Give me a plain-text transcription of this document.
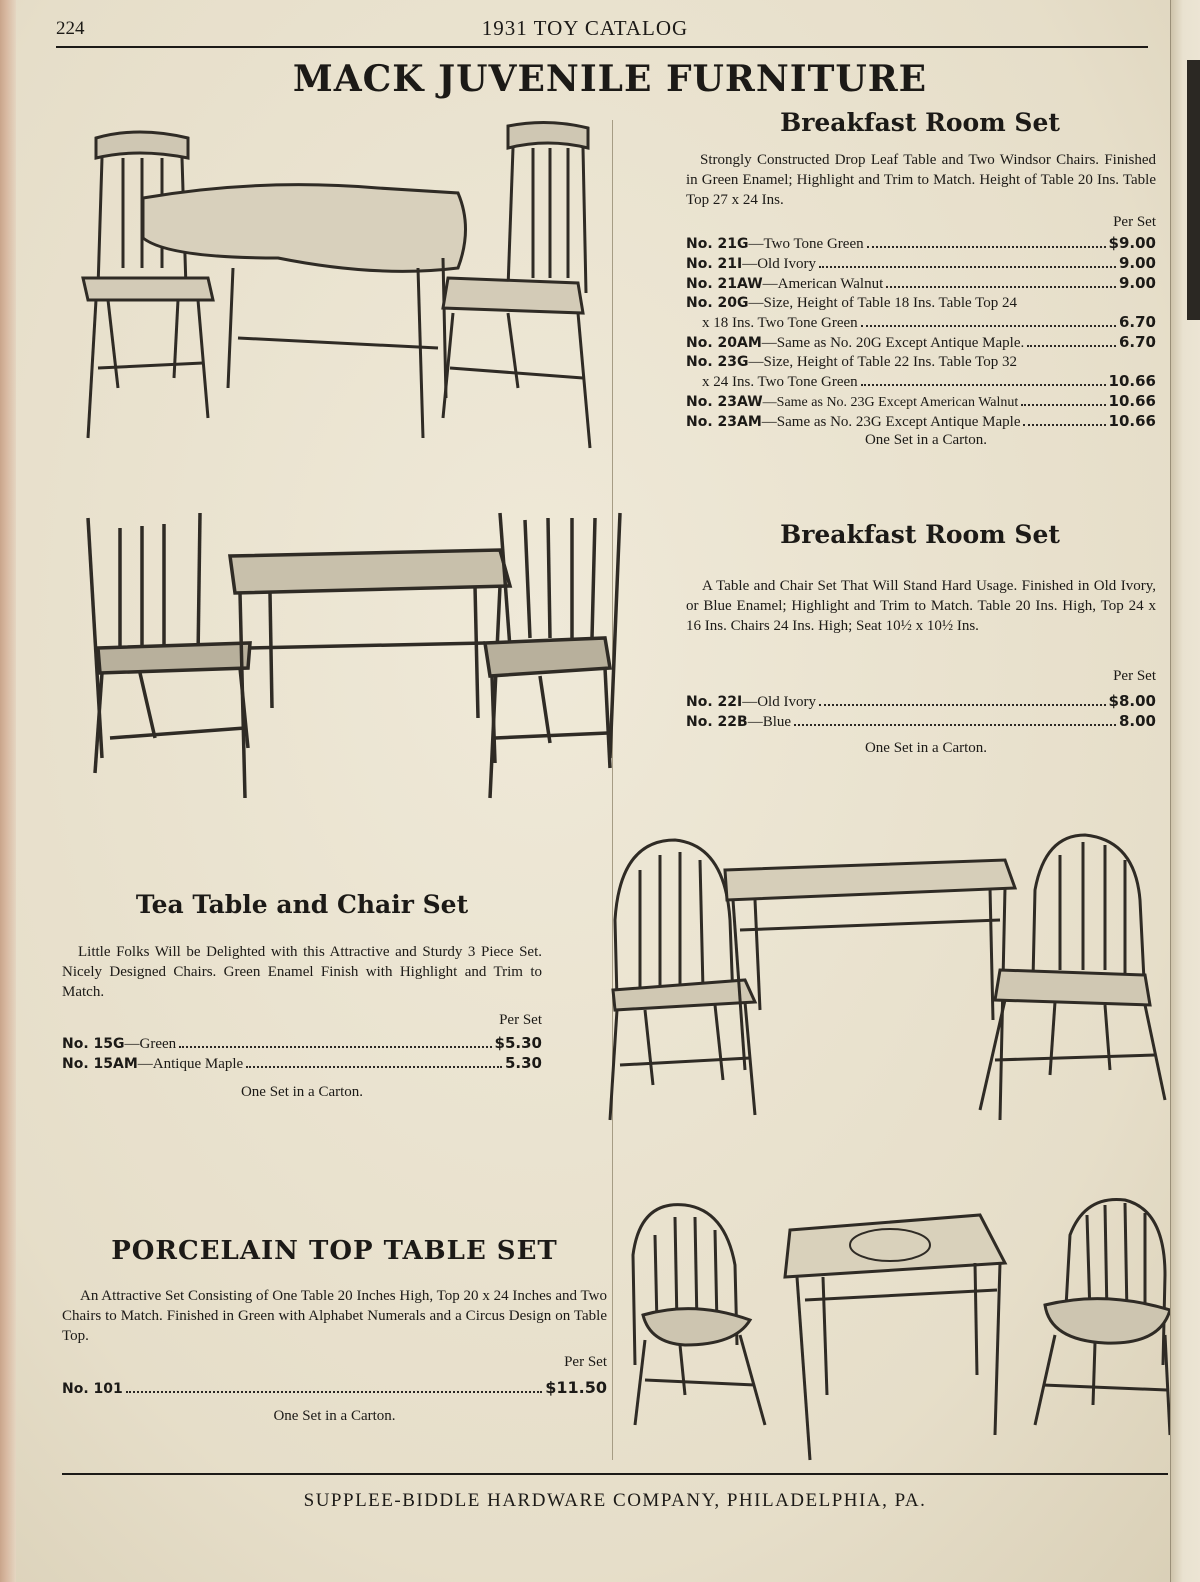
224	1931 TOY CATALOG
MACK JUVENILE FURNITURE
Breakfast Room Set
Strongly Constructed Drop Leaf Table and Two Windsor Chairs. Finished in Green Enamel; Highlight and Trim to Match. Height of Table 20 Ins. Table Top 27 x 24 Ins.
Per Set
No. 21G —Two Tone Green	$9.00
No. 21I —Old Ivory	9.00
No. 21AW —American Walnut	9.00
No. 20G —Size, Height of Table 18 Ins. Table Top 24
x 18 Ins. Two Tone Green	6.70
No. 20AM —Same as No. 20G Except Antique Maple.	6.70
No. 23G —Size, Height of Table 22 Ins. Table Top 32
x 24 Ins. Two Tone Green	10.66
No. 23AW —Same as No. 23G Except American Walnut	10.66
No. 23AM —Same as No. 23G Except Antique Maple	10.66
One Set in a Carton.
Breakfast Room Set
A Table and Chair Set That Will Stand Hard Usage. Finished in Old Ivory, or Blue Enamel; Highlight and Trim to Match. Table 20 Ins. High, Top 24 x 16 Ins. Chairs 24 Ins. High; Seat 10½ x 10½ Ins.
Per Set
No. 22I —Old Ivory	$8.00
No. 22B —Blue	8.00
One Set in a Carton.
Tea Table and Chair Set
Little Folks Will be Delighted with this Attractive and Sturdy 3 Piece Set. Nicely Designed Chairs. Green Enamel Finish with Highlight and Trim to Match.
Per Set
No. 15G —Green	$5.30
No. 15AM —Antique Maple	5.30
One Set in a Carton.
PORCELAIN TOP TABLE SET
An Attractive Set Consisting of One Table 20 Inches High, Top 20 x 24 Inches and Two Chairs to Match. Finished in Green with Alphabet Numerals and a Circus Design on Table Top.
Per Set
No. 101	$11.50
One Set in a Carton.
SUPPLEE-BIDDLE HARDWARE COMPANY, PHILADELPHIA, PA.
